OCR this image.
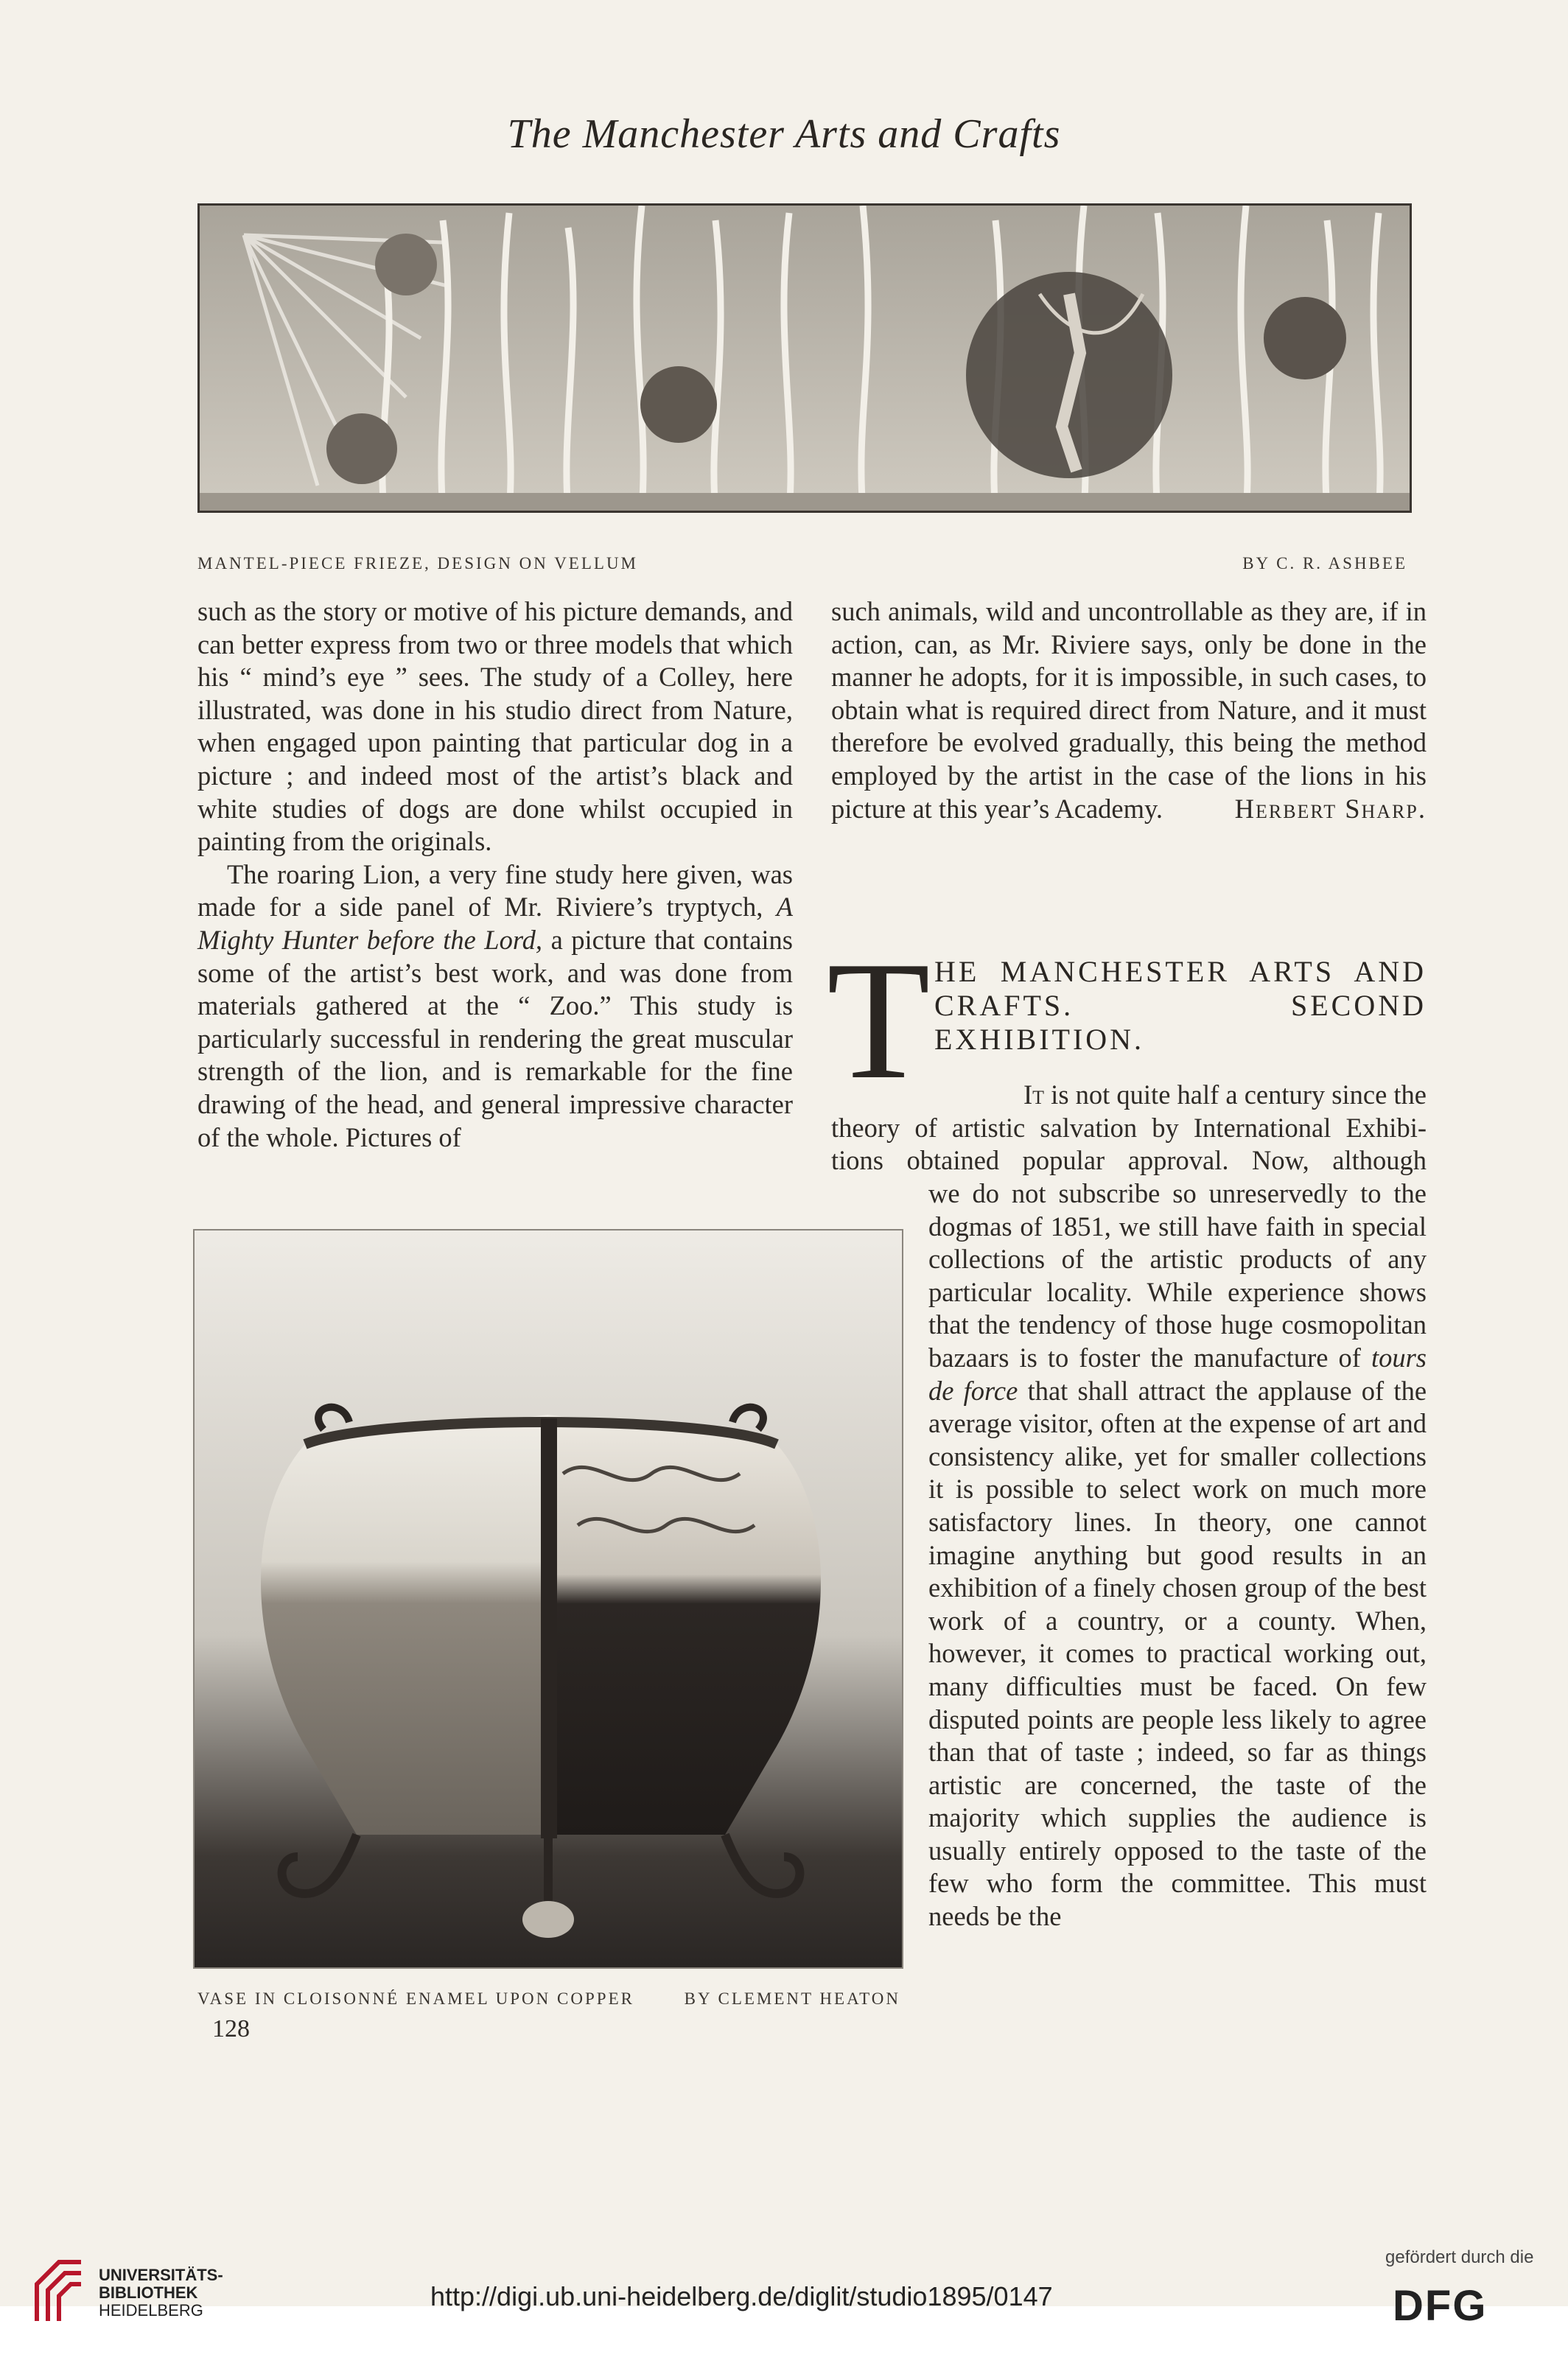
The Manchester Arts and Crafts
MANTEL-PIECE FRIEZE, DESIGN ON VELLUM	BY C. R. ASHBEE

such as the story or motive of his picture demands, and can better express from two or three models that which his “ mind’s eye ” sees. The study of a Colley, here illustrated, was done in his studio direct from Nature, when engaged upon painting that particular dog in a picture ; and indeed most of the artist’s black and white studies of dogs are done whilst occupied in painting from the originals.

The roaring Lion, a very fine study here given, was made for a side panel of Mr. Riviere’s tryptych, A Mighty Hunter before the Lord, a picture that contains some of the artist’s best work, and was done from materials gathered at the “ Zoo.” This study is particularly successful in rendering the great muscular strength of the lion, and is remarkable for the fine drawing of the head, and general impressive character of the whole. Pictures of

such animals, wild and uncontrollable as they are, if in action, can, as Mr. Riviere says, only be done in the manner he adopts, for it is impossible, in such cases, to obtain what is required direct from Nature, and it must therefore be evolved gradually, this being the method employed by the artist in the case of the lions in his picture at this year’s Academy.	Herbert Sharp.

T HE MANCHESTER ARTS AND CRAFTS. SECOND EXHIBITION.

It is not quite half a century since the

theory of artistic salvation by International Exhibi-

tions obtained popular approval. Now, although

we do not subscribe so unreservedly to the dogmas of 1851, we still have faith in special collections of the artistic products of any particular locality. While experience shows that the tendency of those huge cosmopolitan bazaars is to foster the manufacture of tours de force that shall attract the applause of the average visitor, often at the expense of art and consistency alike, yet for smaller collections it is possible to select work on much more satisfactory lines. In theory, one cannot imagine anything but good results in an exhibition of a finely chosen group of the best work of a country, or a county. When, however, it comes to practical working out, many difficulties must be faced. On few disputed points are people less likely to agree than that of taste ; indeed, so far as things artistic are concerned, the taste of the majority which supplies the audience is usually entirely opposed to the taste of the few who form the committee. This must needs be the

VASE IN CLOISONNÉ ENAMEL UPON COPPER	BY CLEMENT HEATON
128
UNIVERSITÄTS-
BIBLIOTHEK
HEIDELBERG	http://digi.ub.uni-heidelberg.de/diglit/studio1895/0147
gefördert durch die
DFG
